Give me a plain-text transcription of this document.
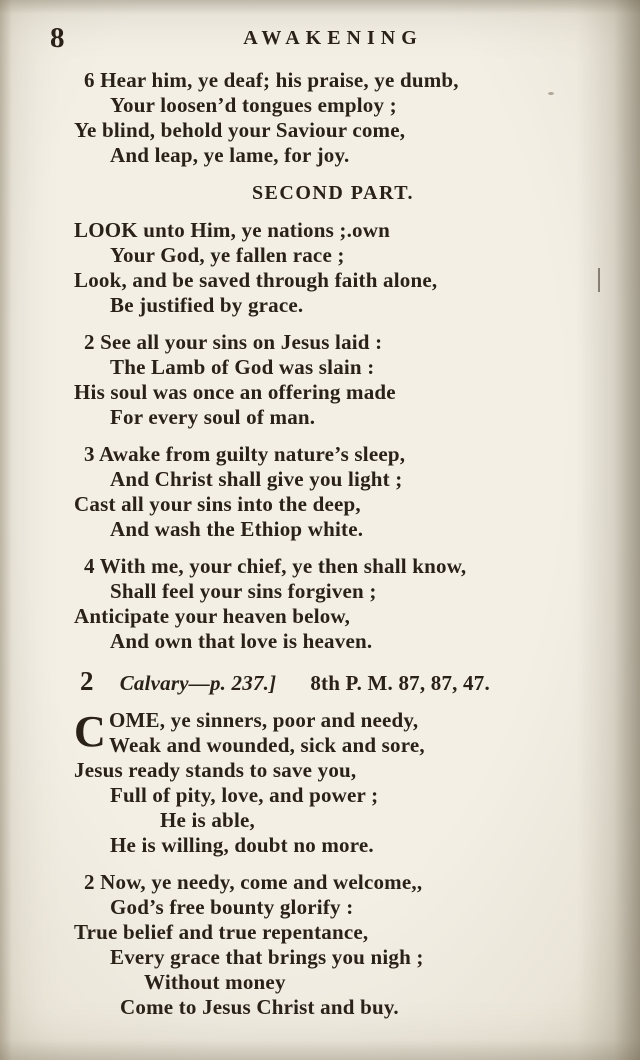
8	AWAKENING
6 Hear him, ye deaf; his praise, ye dumb,
Your loosen’d tongues employ ;
Ye blind, behold your Saviour come,
And leap, ye lame, for joy.
SECOND PART.
LOOK unto Him, ye nations ;.own
Your God, ye fallen race ;
Look, and be saved through faith alone,
Be justified by grace.
2 See all your sins on Jesus laid :
The Lamb of God was slain :
His soul was once an offering made
For every soul of man.
3 Awake from guilty nature’s sleep,
And Christ shall give you light ;
Cast all your sins into the deep,
And wash the Ethiop white.
4 With me, your chief, ye then shall know,
Shall feel your sins forgiven ;
Anticipate your heaven below,
And own that love is heaven.
2 Calvary—p. 237.] 8th P. M. 87, 87, 47.
C OME, ye sinners, poor and needy,
Weak and wounded, sick and sore,
Jesus ready stands to save you,
Full of pity, love, and power ;
He is able,
He is willing, doubt no more.
2 Now, ye needy, come and welcome,,
God’s free bounty glorify :
True belief and true repentance,
Every grace that brings you nigh ;
Without money
Come to Jesus Christ and buy.
